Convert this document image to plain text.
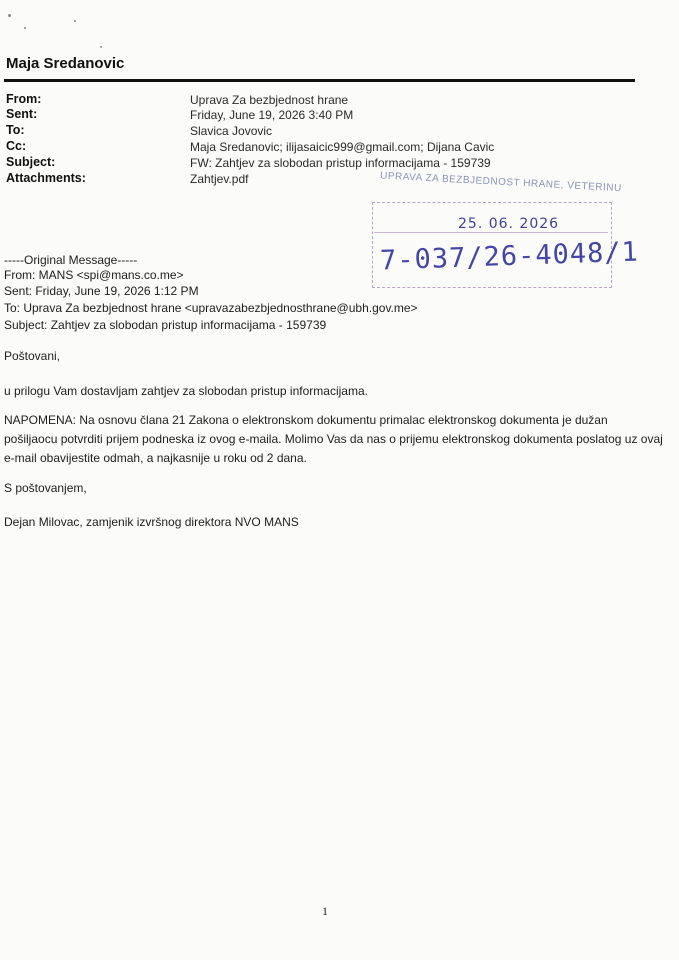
Maja Sredanovic
From:	Uprava Za bezbjednost hrane
Sent:	Friday, June 19, 2026 3:40 PM
To:	Slavica Jovovic
Cc:	Maja Sredanovic; ilijasaicic999@gmail.com; Dijana Cavic
Subject:	FW: Zahtjev za slobodan pristup informacijama - 159739
Attachments:	Zahtjev.pdf	UPRAVA ZA BEZBJEDNOST HRANE, VETERINU
25. 06. 2026
7-037/26-4048/1
-----Original Message-----
From: MANS <spi@mans.co.me>
Sent: Friday, June 19, 2026 1:12 PM
To: Uprava Za bezbjednost hrane <upravazabezbjednosthrane@ubh.gov.me>
Subject: Zahtjev za slobodan pristup informacijama - 159739
Poštovani,
u prilogu Vam dostavljam zahtjev za slobodan pristup informacijama.
NAPOMENA: Na osnovu člana 21 Zakona o elektronskom dokumentu primalac elektronskog dokumenta je dužan pošiljaocu potvrditi prijem podneska iz ovog e-maila. Molimo Vas da nas o prijemu elektronskog dokumenta poslatog uz ovaj e-mail obavijestite odmah, a najkasnije u roku od 2 dana.
S poštovanjem,
Dejan Milovac, zamjenik izvršnog direktora NVO MANS
1
